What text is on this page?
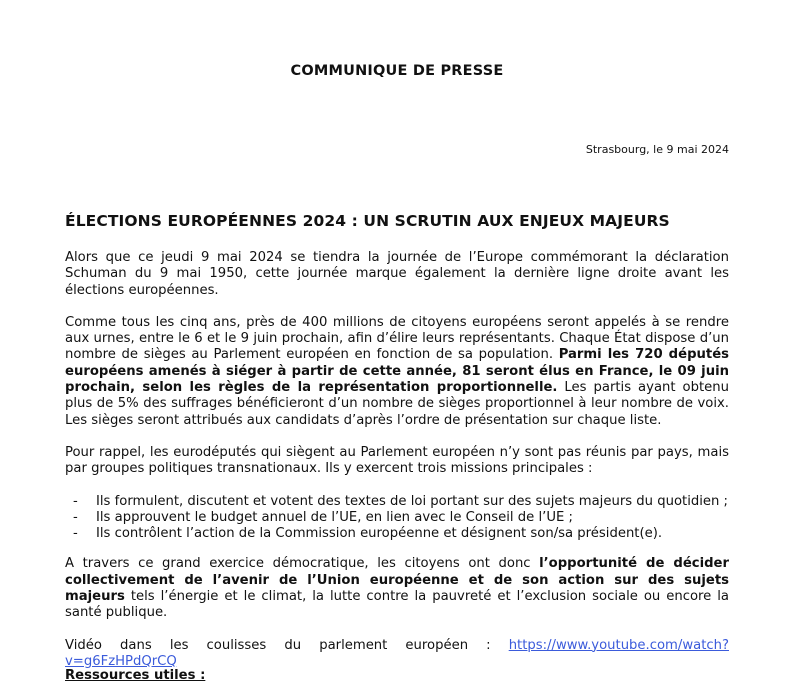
COMMUNIQUE DE PRESSE
Strasbourg, le 9 mai 2024
ÉLECTIONS EUROPÉENNES 2024 : UN SCRUTIN AUX ENJEUX MAJEURS

Alors que ce jeudi 9 mai 2024 se tiendra la journée de l’Europe commémorant la déclaration Schuman du 9 mai 1950, cette journée marque également la dernière ligne droite avant les élections européennes.

Comme tous les cinq ans, près de 400 millions de citoyens européens seront appelés à se rendre aux urnes, entre le 6 et le 9 juin prochain, afin d’élire leurs représentants. Chaque État dispose d’un nombre de sièges au Parlement européen en fonction de sa population. Parmi les 720 députés européens amenés à siéger à partir de cette année, 81 seront élus en France, le 09 juin prochain, selon les règles de la représentation proportionnelle. Les partis ayant obtenu plus de 5% des suffrages bénéficieront d’un nombre de sièges proportionnel à leur nombre de voix. Les sièges seront attribués aux candidats d’après l’ordre de présentation sur chaque liste.

Pour rappel, les eurodéputés qui siègent au Parlement européen n’y sont pas réunis par pays, mais par groupes politiques transnationaux. Ils y exercent trois missions principales :

- Ils formulent, discutent et votent des textes de loi portant sur des sujets majeurs du quotidien ;
- Ils approuvent le budget annuel de l’UE, en lien avec le Conseil de l’UE ;
- Ils contrôlent l’action de la Commission européenne et désignent son/sa président(e).

A travers ce grand exercice démocratique, les citoyens ont donc l’opportunité de décider collectivement de l’avenir de l’Union européenne et de son action sur des sujets majeurs tels l’énergie et le climat, la lutte contre la pauvreté et l’exclusion sociale ou encore la santé publique.

Vidéo dans les coulisses du parlement européen : https://www.youtube.com/watch?v=g6FzHPdQrCQ

Ressources utiles :
